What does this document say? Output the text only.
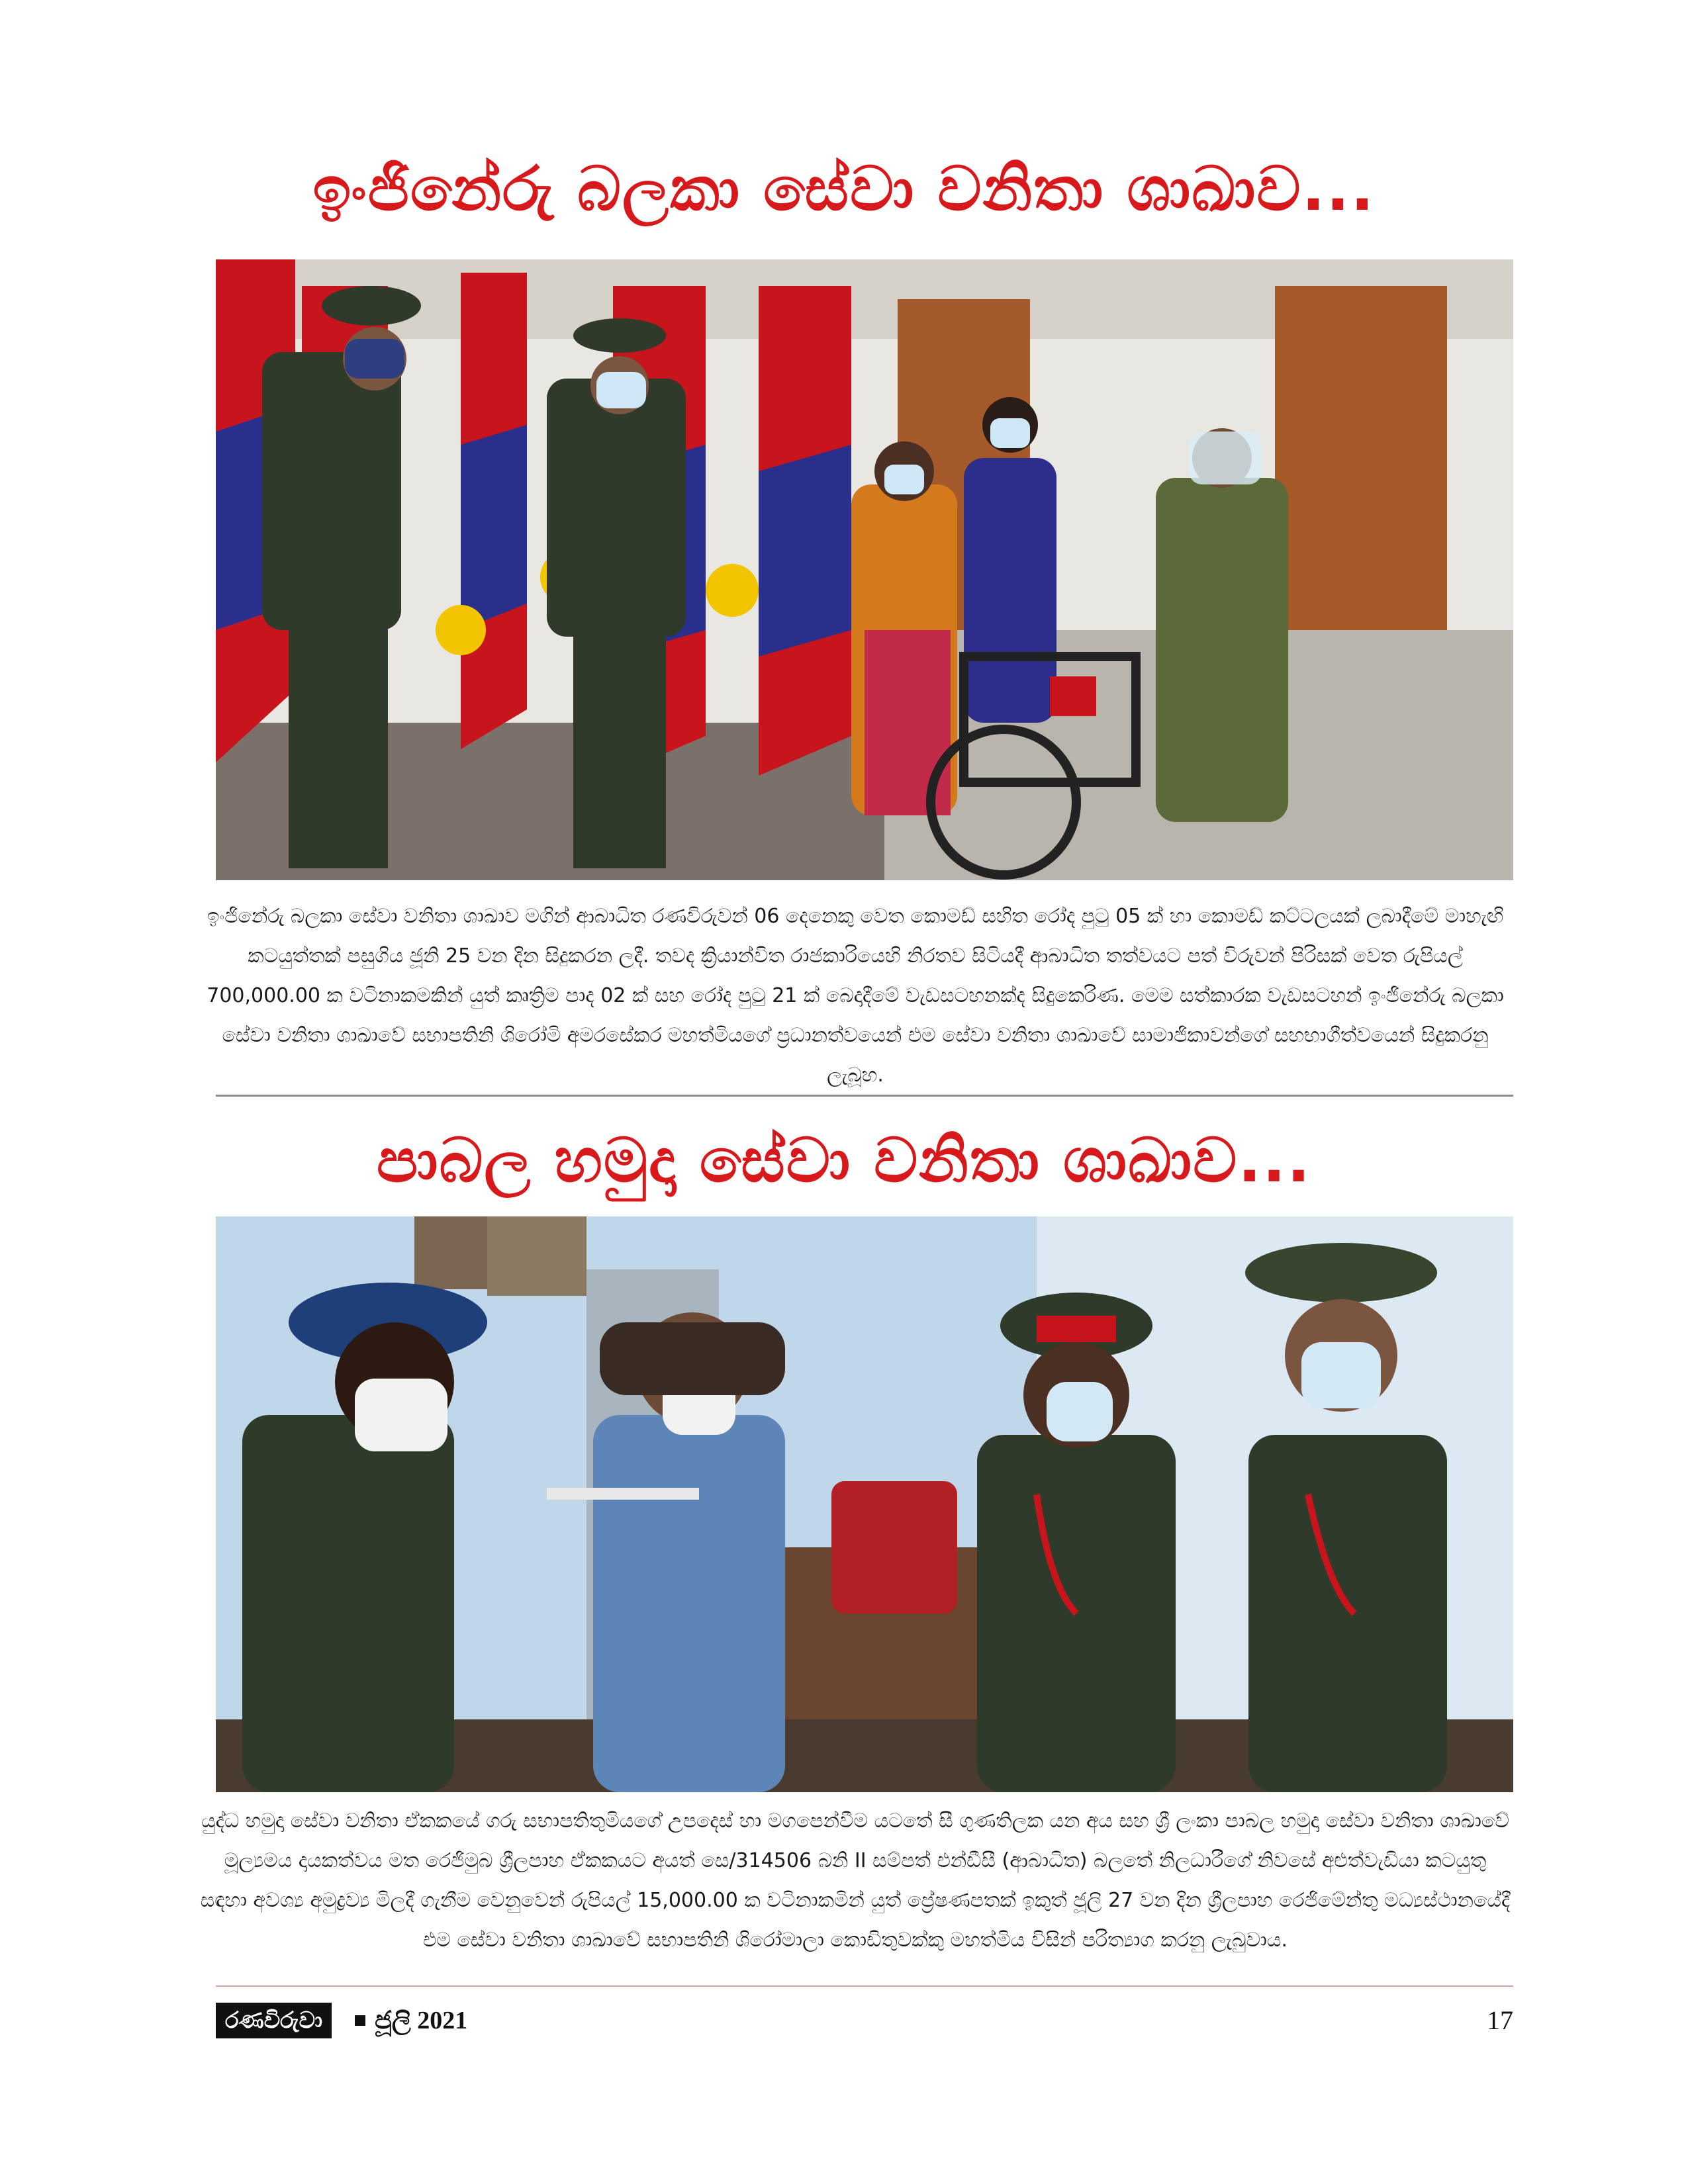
ඉංජිනේරු බලකා සේවා වනිතා ශාඛාව...
ඉංජිනේරු බලකා සේවා වනිතා ශාඛාව මගින් ආබාධිත රණවිරුවන් 06 දෙනෙකු වෙත කොමඩ් සහිත රෝද පුටු 05 ක් හා කොමඩ් කට්ටලයක් ලබාදීමේ මාහැඟි කටයුත්තක් පසුගිය ජූනි 25 වන දින සිදුකරන ලදී. තවද ක්‍රියාන්විත රාජකාරියෙහි නිරතව සිටියදී ආබාධිත තත්වයට පත් විරුවන් පිරිසක් වෙත රුපියල් 700,000.00 ක වටිනාකමකින් යුත් කෘත්‍රිම පාද 02 ක් සහ රෝද පුටු 21 ක් බෙදාදීමේ වැඩසටහනක්ද සිදුකෙරිණ. මෙම සත්කාරක වැඩසටහන් ඉංජිනේරු බලකා සේවා වනිතා ශාඛාවේ සභාපතිනි ශිරෝමි අමරසේකර මහත්මියගේ ප්‍රධානත්වයෙන් එම සේවා වනිතා ශාඛාවේ සාමාජිකාවන්ගේ සහභාගීත්වයෙන් සිදුකරනු ලැබූහ.
පාබල හමුදා සේවා වනිතා ශාඛාව...
යුද්ධ හමුදා සේවා වනිතා ඒකකයේ ගරු සභාපතිතුමියගේ උපදෙස් හා මගපෙන්වීම යටතේ සී ගුණතිලක යන අය සහ ශ්‍රී ලංකා පාබල හමුදා සේවා වනිතා ශාඛාවේ මූල්‍යමය දායකත්වය මත රෙජිමුබ ශ්‍රීලපාහ ඒකකයට අයත් සෙ/314506 බනි II සම්පත් එන්ඩීසී (ආබාධිත) බලතේ නිලධාරීගේ නිවසේ අළුත්වැඩියා කටයුතු සඳහා අවශ්‍ය අමුද්‍රව්‍ය මිලදී ගැනීම වෙනුවෙන් රුපියල් 15,000.00 ක වටිනාකමින් යුත් ප්‍රේෂණපතක් ඉකුත් ජූලි 27 වන දින ශ්‍රීලපාහ රෙජිමේන්තු මධ්‍යස්ථානයේදී එම සේවා වනිතා ශාඛාවේ සභාපතිනි ශිරෝමාලා කොඩිතුවක්කු මහත්මිය විසින් පරිත්‍යාග කරනු ලැබුවාය.
රණවිරුවා	ජූලි 2021	17
